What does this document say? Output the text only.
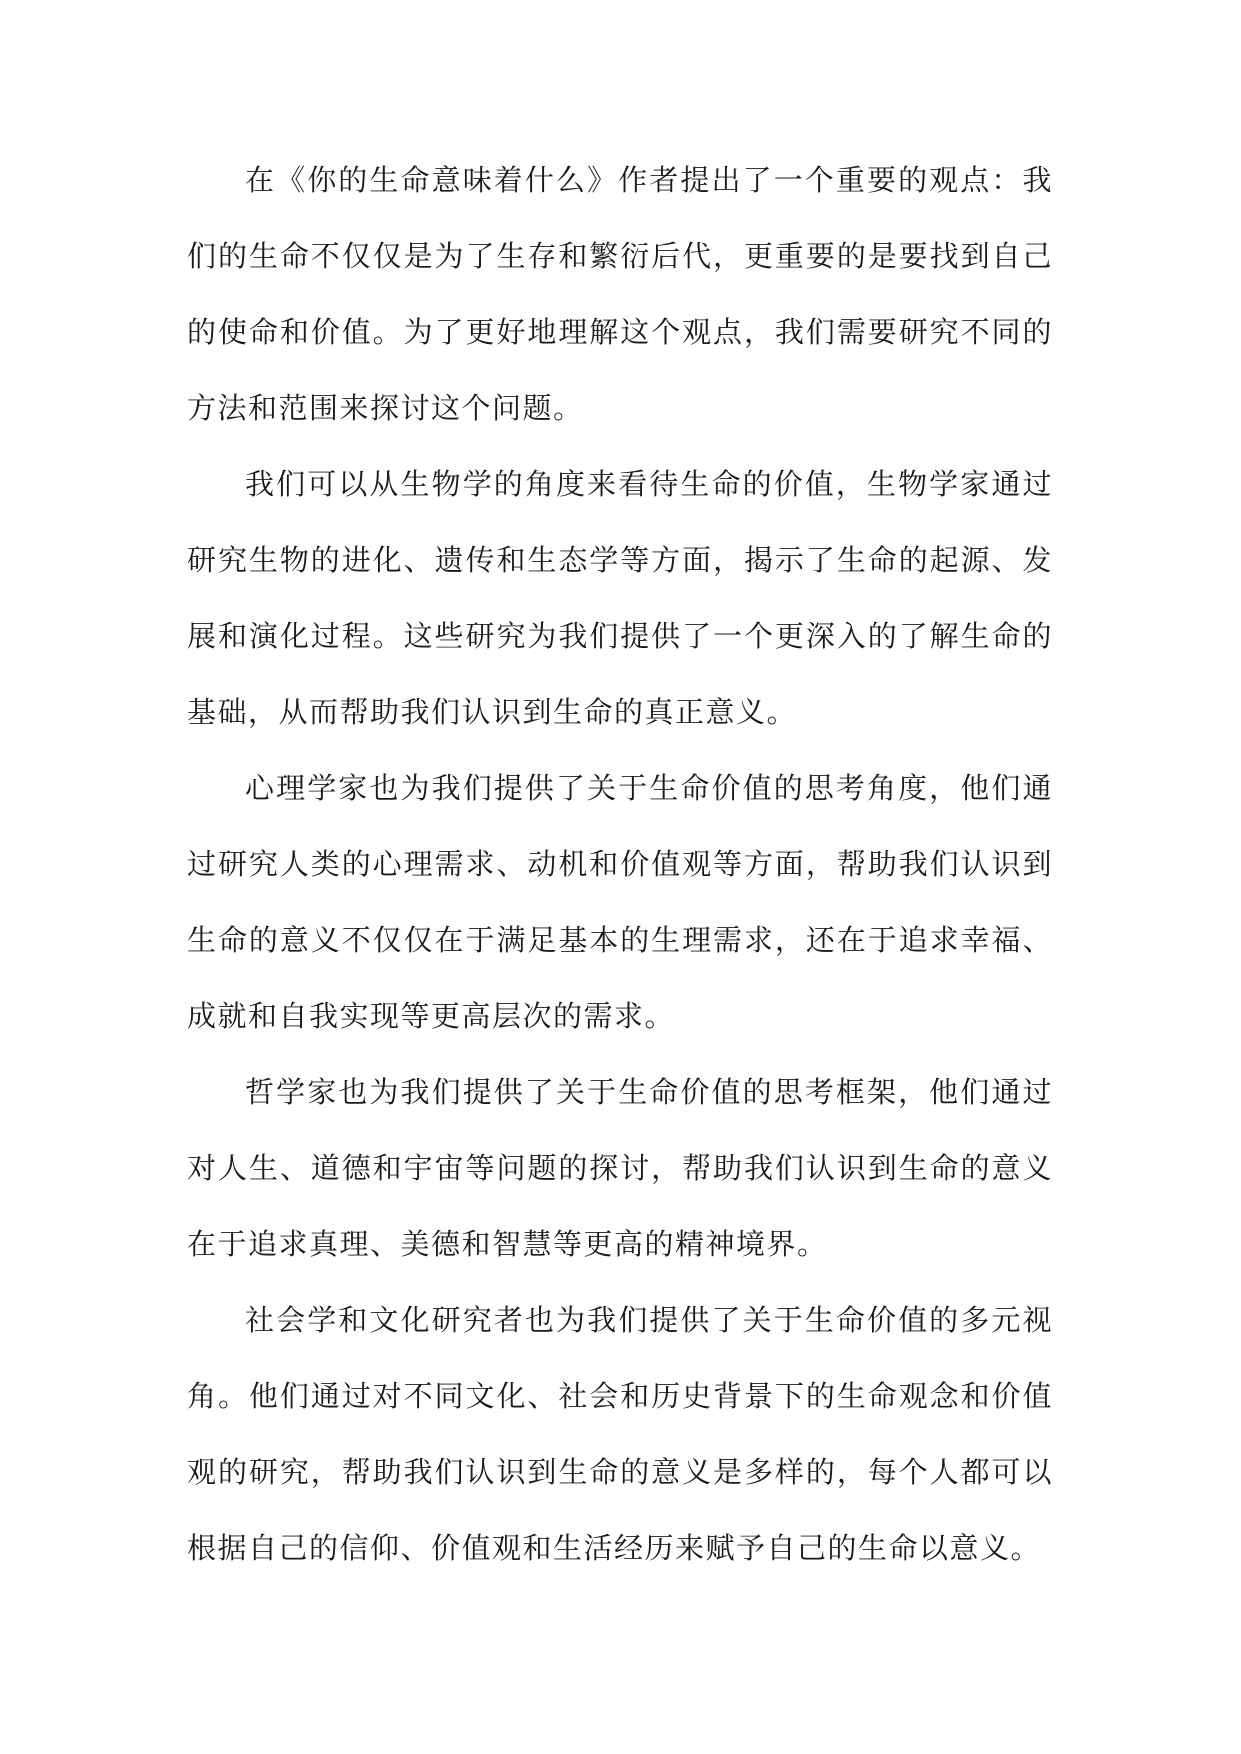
在《你的生命意味着什么》作者提出了一个重要的观点：我们的生命不仅仅是为了生存和繁衍后代，更重要的是要找到自己的使命和价值。为了更好地理解这个观点，我们需要研究不同的方法和范围来探讨这个问题。

我们可以从生物学的角度来看待生命的价值，生物学家通过研究生物的进化、遗传和生态学等方面，揭示了生命的起源、发展和演化过程。这些研究为我们提供了一个更深入的了解生命的基础，从而帮助我们认识到生命的真正意义。

心理学家也为我们提供了关于生命价值的思考角度，他们通过研究人类的心理需求、动机和价值观等方面，帮助我们认识到生命的意义不仅仅在于满足基本的生理需求，还在于追求幸福、成就和自我实现等更高层次的需求。

哲学家也为我们提供了关于生命价值的思考框架，他们通过对人生、道德和宇宙等问题的探讨，帮助我们认识到生命的意义在于追求真理、美德和智慧等更高的精神境界。

社会学和文化研究者也为我们提供了关于生命价值的多元视角。他们通过对不同文化、社会和历史背景下的生命观念和价值观的研究，帮助我们认识到生命的意义是多样的，每个人都可以根据自己的信仰、价值观和生活经历来赋予自己的生命以意义。
